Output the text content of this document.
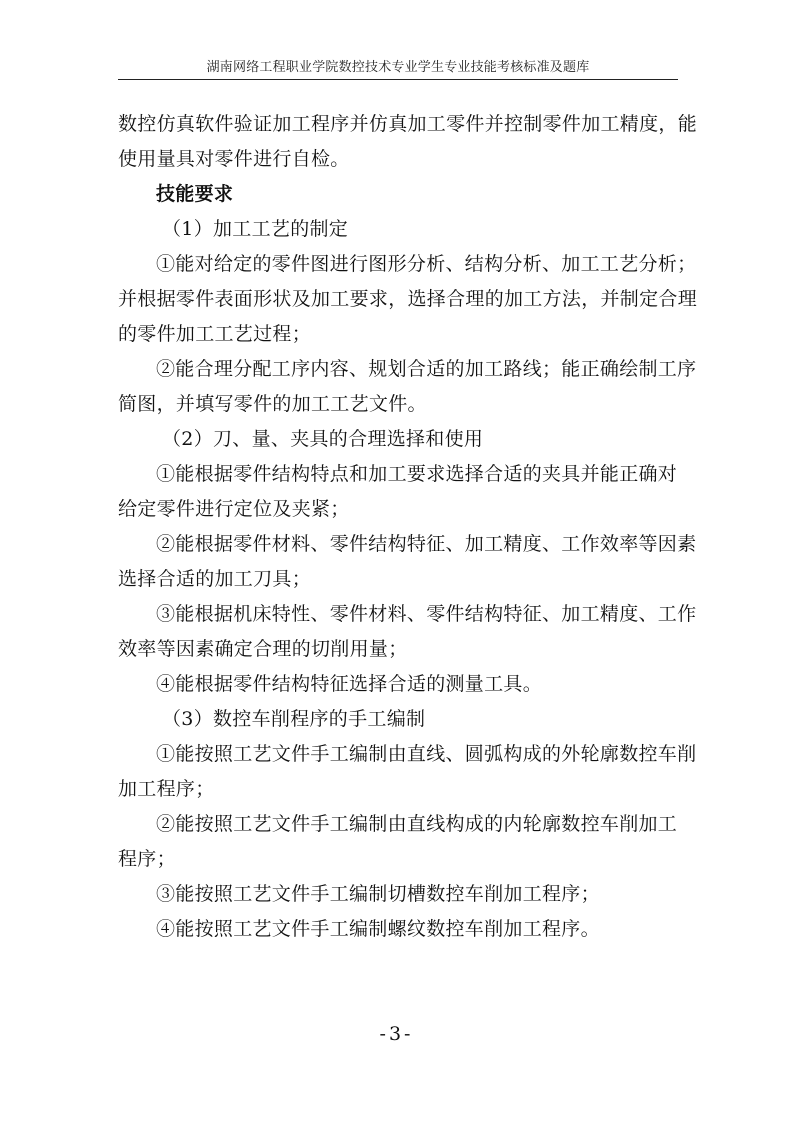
湖南网络工程职业学院数控技术专业学生专业技能考核标准及题库
数控仿真软件验证加工程序并仿真加工零件并控制零件加工精度，能
使用量具对零件进行自检。
技能要求
（1）加工工艺的制定
①能对给定的零件图进行图形分析、结构分析、加工工艺分析；
并根据零件表面形状及加工要求，选择合理的加工方法，并制定合理
的零件加工工艺过程；
②能合理分配工序内容、规划合适的加工路线；能正确绘制工序
简图，并填写零件的加工工艺文件。
（2）刀、量、夹具的合理选择和使用
①能根据零件结构特点和加工要求选择合适的夹具并能正确对
给定零件进行定位及夹紧；
②能根据零件材料、零件结构特征、加工精度、工作效率等因素
选择合适的加工刀具；
③能根据机床特性、零件材料、零件结构特征、加工精度、工作
效率等因素确定合理的切削用量；
④能根据零件结构特征选择合适的测量工具。
（3）数控车削程序的手工编制
①能按照工艺文件手工编制由直线、圆弧构成的外轮廓数控车削
加工程序；
②能按照工艺文件手工编制由直线构成的内轮廓数控车削加工
程序；
③能按照工艺文件手工编制切槽数控车削加工程序；
④能按照工艺文件手工编制螺纹数控车削加工程序。
-3-
